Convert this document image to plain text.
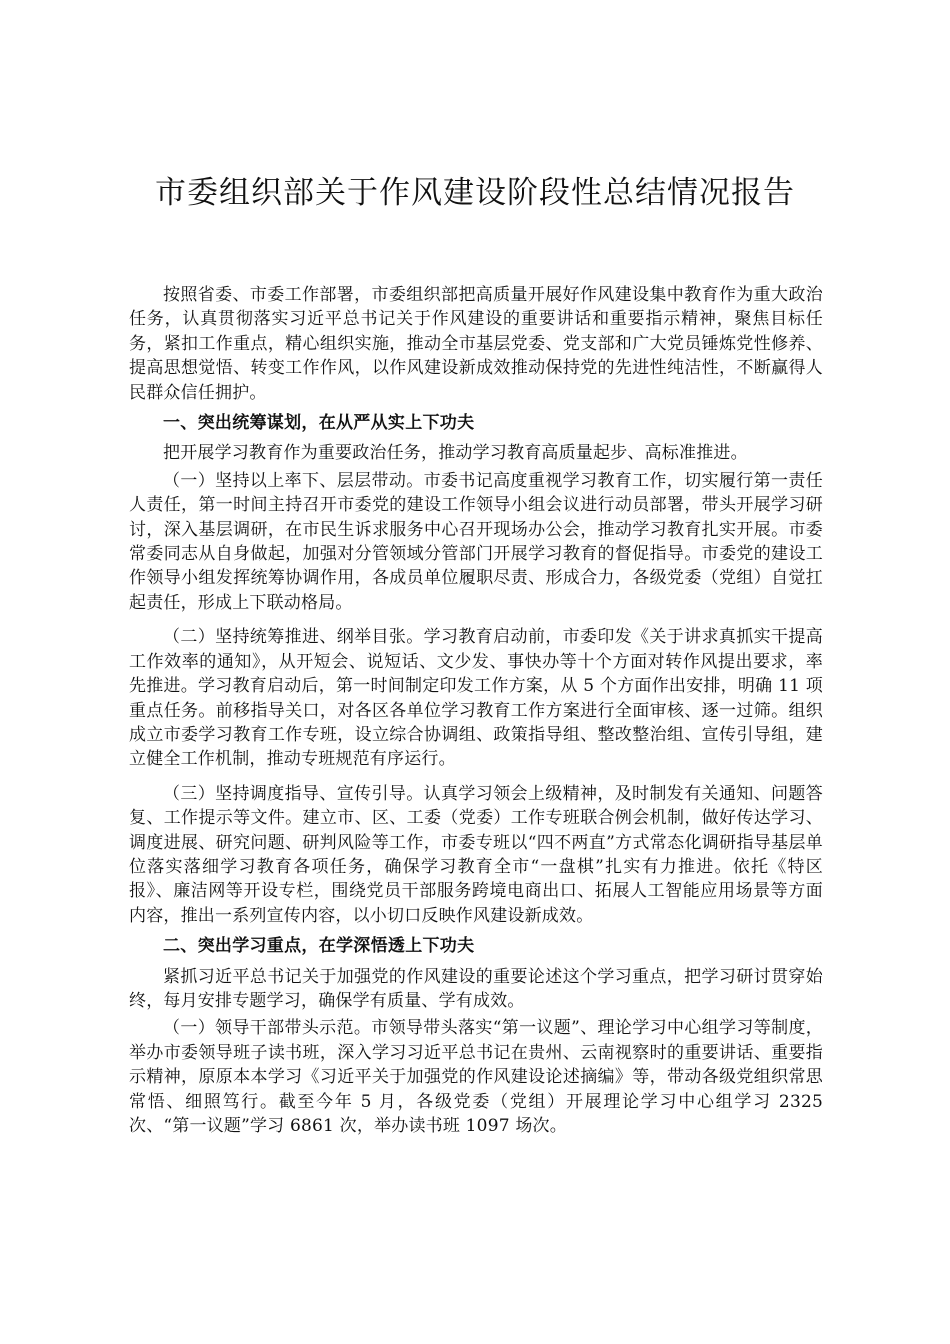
市委组织部关于作风建设阶段性总结情况报告

按照省委、市委工作部署，市委组织部把高质量开展好作风建设集中教育作为重大政治任务，认真贯彻落实习近平总书记关于作风建设的重要讲话和重要指示精神，聚焦目标任务，紧扣工作重点，精心组织实施，推动全市基层党委、党支部和广大党员锤炼党性修养、提高思想觉悟、转变工作作风，以作风建设新成效推动保持党的先进性纯洁性，不断赢得人民群众信任拥护。

一、突出统筹谋划，在从严从实上下功夫

把开展学习教育作为重要政治任务，推动学习教育高质量起步、高标准推进。

（一）坚持以上率下、层层带动。市委书记高度重视学习教育工作，切实履行第一责任人责任，第一时间主持召开市委党的建设工作领导小组会议进行动员部署，带头开展学习研讨，深入基层调研，在市民生诉求服务中心召开现场办公会，推动学习教育扎实开展。市委常委同志从自身做起，加强对分管领域分管部门开展学习教育的督促指导。市委党的建设工作领导小组发挥统筹协调作用，各成员单位履职尽责、形成合力，各级党委（党组）自觉扛起责任，形成上下联动格局。

（二）坚持统筹推进、纲举目张。学习教育启动前，市委印发《关于讲求真抓实干提高工作效率的通知》，从开短会、说短话、文少发、事快办等十个方面对转作风提出要求，率先推进。学习教育启动后，第一时间制定印发工作方案，从 5 个方面作出安排，明确 11 项重点任务。前移指导关口，对各区各单位学习教育工作方案进行全面审核、逐一过筛。组织成立市委学习教育工作专班，设立综合协调组、政策指导组、整改整治组、宣传引导组，建立健全工作机制，推动专班规范有序运行。

（三）坚持调度指导、宣传引导。认真学习领会上级精神，及时制发有关通知、问题答复、工作提示等文件。建立市、区、工委（党委）工作专班联合例会机制，做好传达学习、调度进展、研究问题、研判风险等工作，市委专班以“四不两直”方式常态化调研指导基层单位落实落细学习教育各项任务，确保学习教育全市“一盘棋”扎实有力推进。依托《特区报》、廉洁网等开设专栏，围绕党员干部服务跨境电商出口、拓展人工智能应用场景等方面内容，推出一系列宣传内容，以小切口反映作风建设新成效。

二、突出学习重点，在学深悟透上下功夫

紧抓习近平总书记关于加强党的作风建设的重要论述这个学习重点，把学习研讨贯穿始终，每月安排专题学习，确保学有质量、学有成效。

（一）领导干部带头示范。市领导带头落实“第一议题”、理论学习中心组学习等制度，举办市委领导班子读书班，深入学习习近平总书记在贵州、云南视察时的重要讲话、重要指示精神，原原本本学习《习近平关于加强党的作风建设论述摘编》等，带动各级党组织常思常悟、细照笃行。截至今年 5 月，各级党委（党组）开展理论学习中心组学习 2325 次、“第一议题”学习 6861 次，举办读书班 1097 场次。
